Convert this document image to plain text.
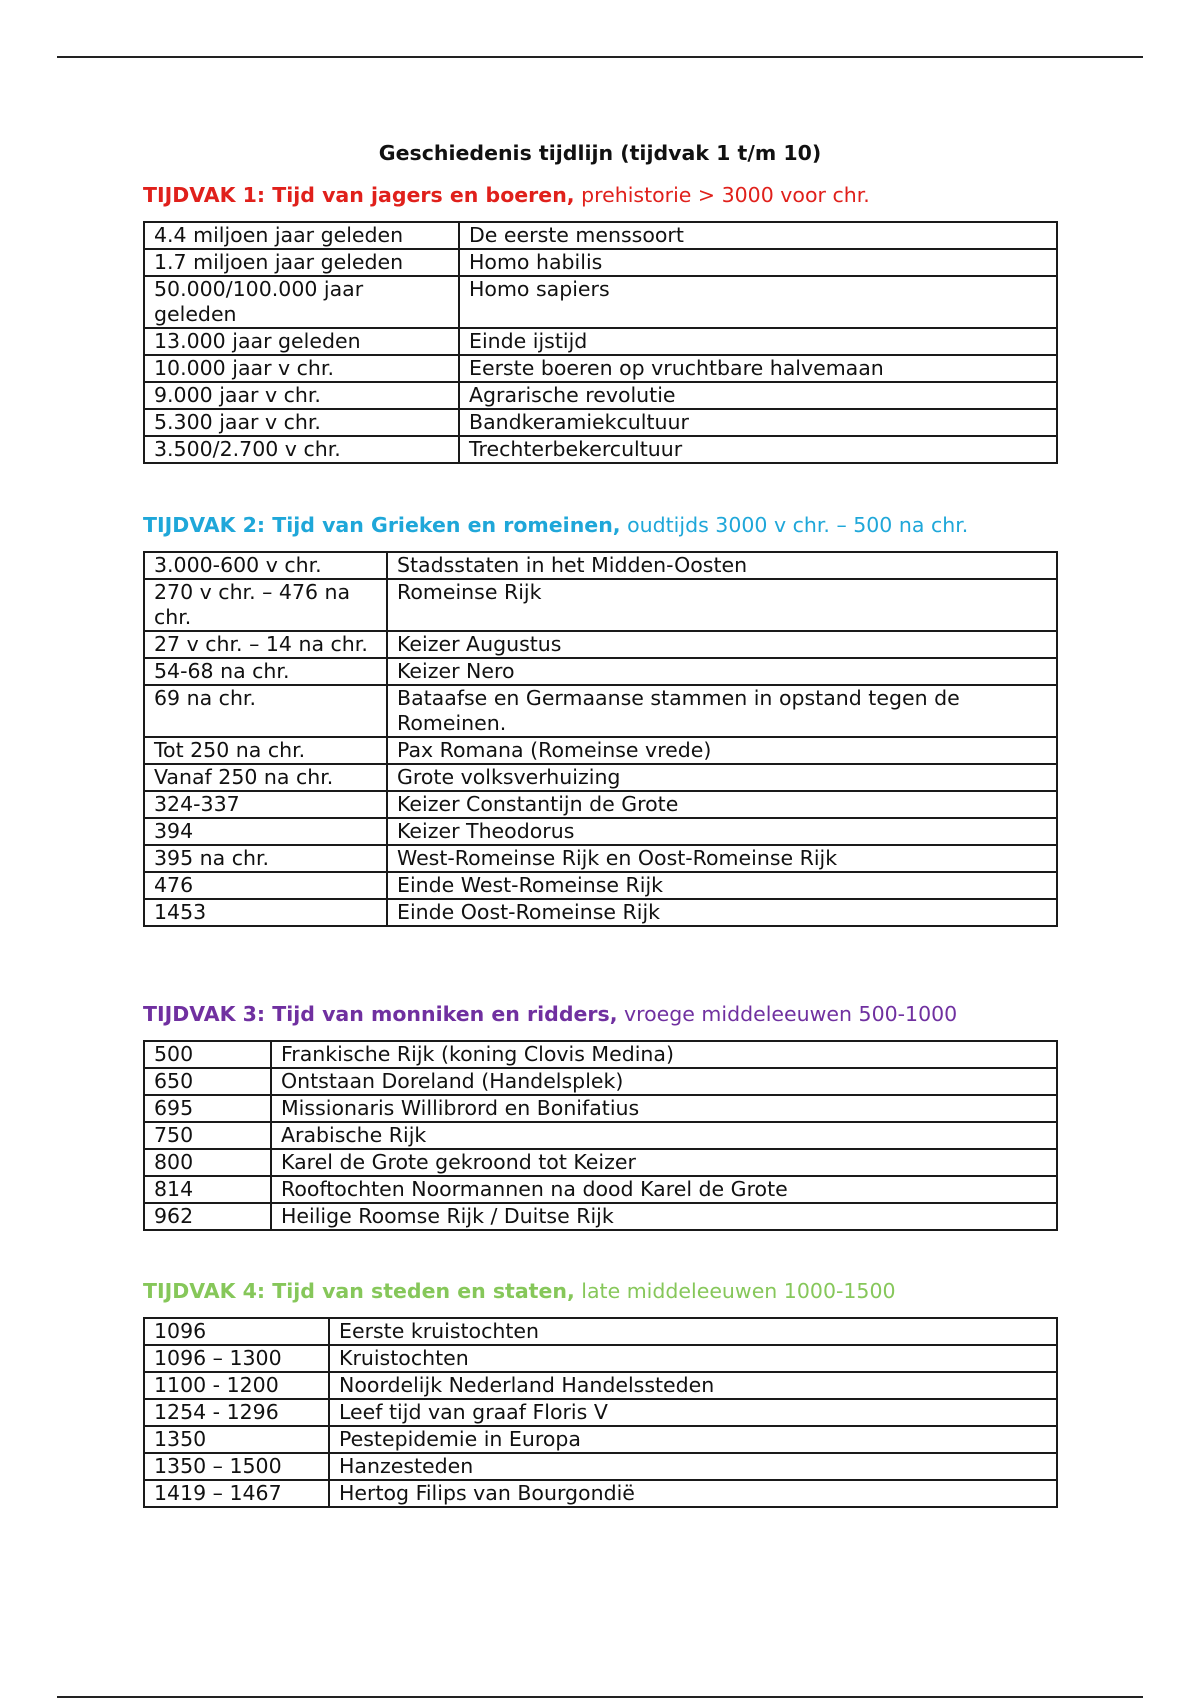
Geschiedenis tijdlijn (tijdvak 1 t/m 10)
TIJDVAK 1: Tijd van jagers en boeren, prehistorie > 3000 voor chr.
4.4 miljoen jaar geleden	De eerste menssoort
1.7 miljoen jaar geleden	Homo habilis
50.000/100.000 jaar geleden	Homo sapiers
13.000 jaar geleden	Einde ijstijd
10.000 jaar v chr.	Eerste boeren op vruchtbare halvemaan
9.000 jaar v chr.	Agrarische revolutie
5.300 jaar v chr.	Bandkeramiekcultuur
3.500/2.700 v chr.	Trechterbekercultuur
TIJDVAK 2: Tijd van Grieken en romeinen, oudtijds 3000 v chr. – 500 na chr.
3.000-600 v chr.	Stadsstaten in het Midden-Oosten
270 v chr. – 476 na chr.	Romeinse Rijk
27 v chr. – 14 na chr.	Keizer Augustus
54-68 na chr.	Keizer Nero
69 na chr.	Bataafse en Germaanse stammen in opstand tegen de Romeinen.
Tot 250 na chr.	Pax Romana (Romeinse vrede)
Vanaf 250 na chr.	Grote volksverhuizing
324-337	Keizer Constantijn de Grote
394	Keizer Theodorus
395 na chr.	West-Romeinse Rijk en Oost-Romeinse Rijk
476	Einde West-Romeinse Rijk
1453	Einde Oost-Romeinse Rijk
TIJDVAK 3: Tijd van monniken en ridders, vroege middeleeuwen 500-1000
500	Frankische Rijk (koning Clovis Medina)
650	Ontstaan Doreland (Handelsplek)
695	Missionaris Willibrord en Bonifatius
750	Arabische Rijk
800	Karel de Grote gekroond tot Keizer
814	Rooftochten Noormannen na dood Karel de Grote
962	Heilige Roomse Rijk / Duitse Rijk
TIJDVAK 4: Tijd van steden en staten, late middeleeuwen 1000-1500
1096	Eerste kruistochten
1096 – 1300	Kruistochten
1100 - 1200	Noordelijk Nederland Handelssteden
1254 - 1296	Leef tijd van graaf Floris V
1350	Pestepidemie in Europa
1350 – 1500	Hanzesteden
1419 – 1467	Hertog Filips van Bourgondië
